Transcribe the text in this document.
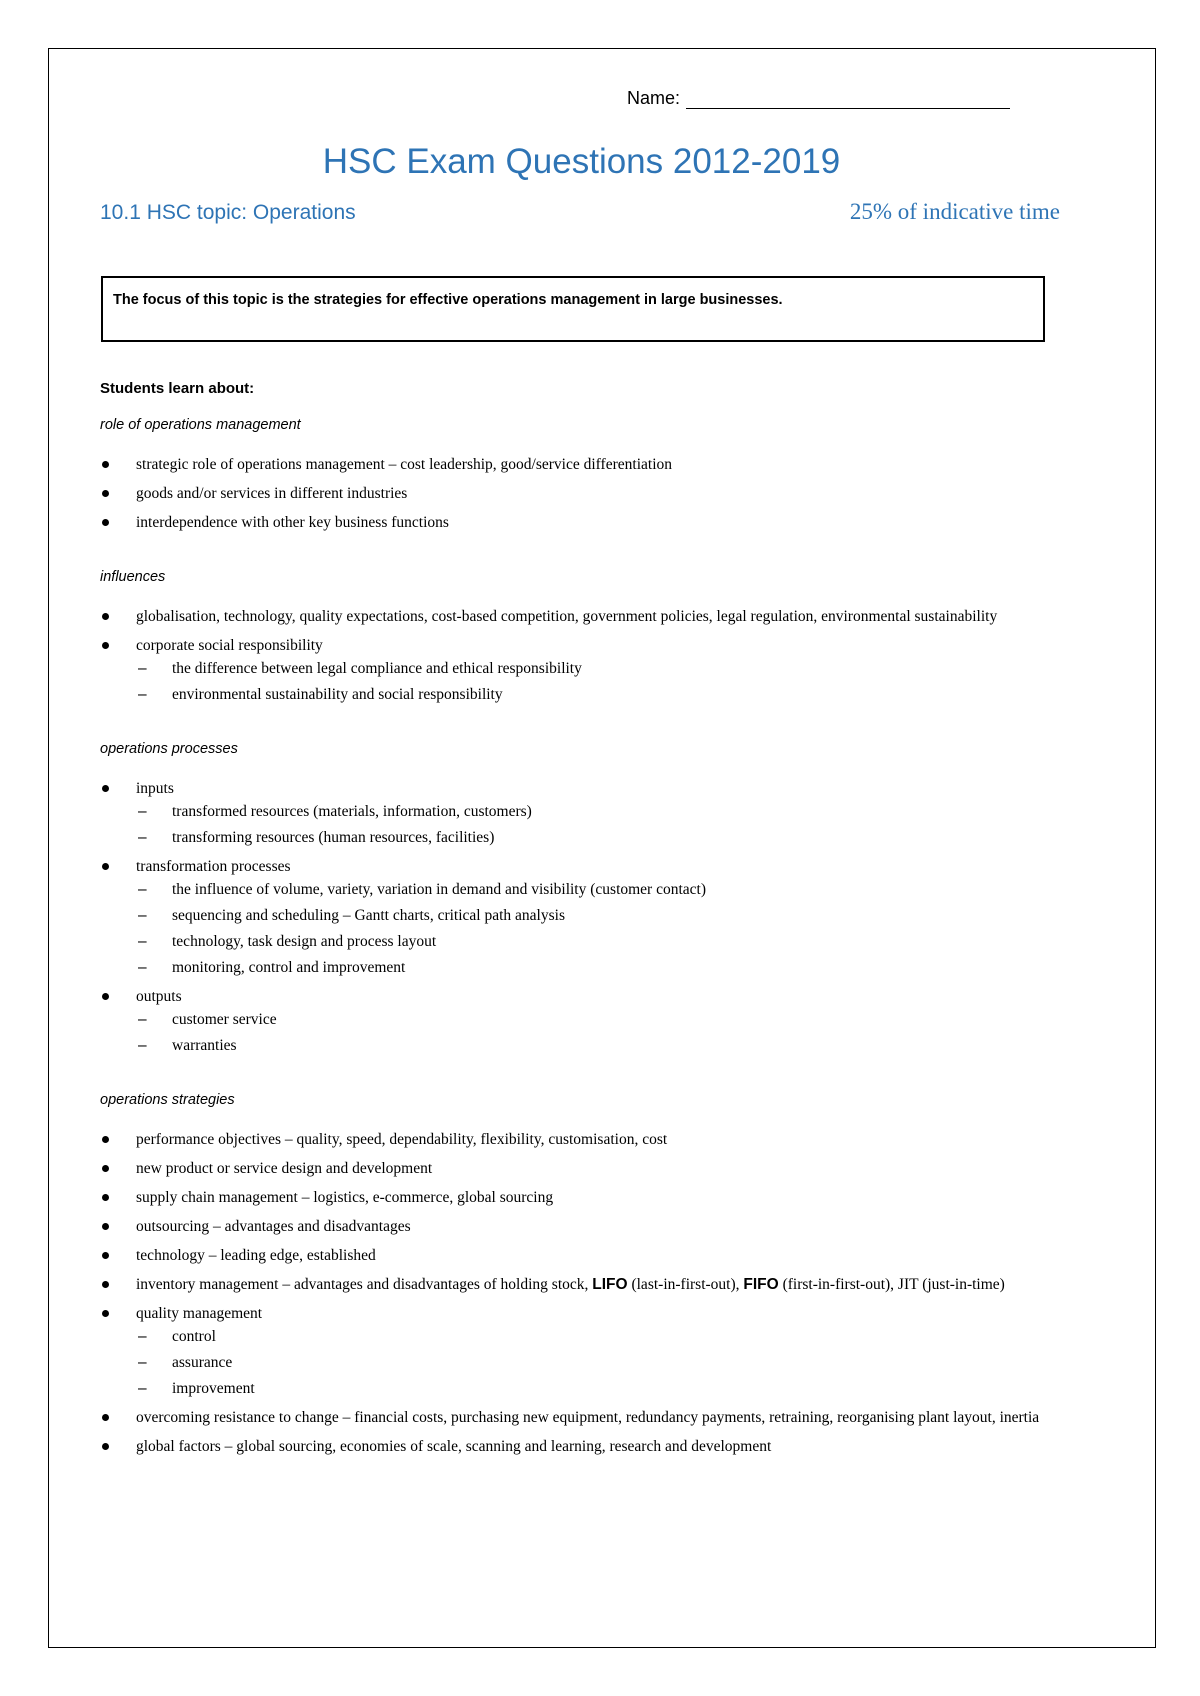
Name:
HSC Exam Questions 2012-2019
10.1 HSC topic: Operations	25% of indicative time
The focus of this topic is the strategies for effective operations management in large businesses.
Students learn about:
role of operations management
strategic role of operations management – cost leadership, good/service differentiation
goods and/or services in different industries
interdependence with other key business functions
influences
globalisation, technology, quality expectations, cost-based competition, government policies, legal regulation, environmental sustainability
corporate social responsibility
– the difference between legal compliance and ethical responsibility
– environmental sustainability and social responsibility
operations processes
inputs
– transformed resources (materials, information, customers)
– transforming resources (human resources, facilities)
transformation processes
– the influence of volume, variety, variation in demand and visibility (customer contact)
– sequencing and scheduling – Gantt charts, critical path analysis
– technology, task design and process layout
– monitoring, control and improvement
outputs
– customer service
– warranties
operations strategies
performance objectives – quality, speed, dependability, flexibility, customisation, cost
new product or service design and development
supply chain management – logistics, e-commerce, global sourcing
outsourcing – advantages and disadvantages
technology – leading edge, established
inventory management – advantages and disadvantages of holding stock, LIFO (last-in-first-out), FIFO (first-in-first-out), JIT (just-in-time)
quality management
– control
– assurance
– improvement
overcoming resistance to change – financial costs, purchasing new equipment, redundancy payments, retraining, reorganising plant layout, inertia
global factors – global sourcing, economies of scale, scanning and learning, research and development
